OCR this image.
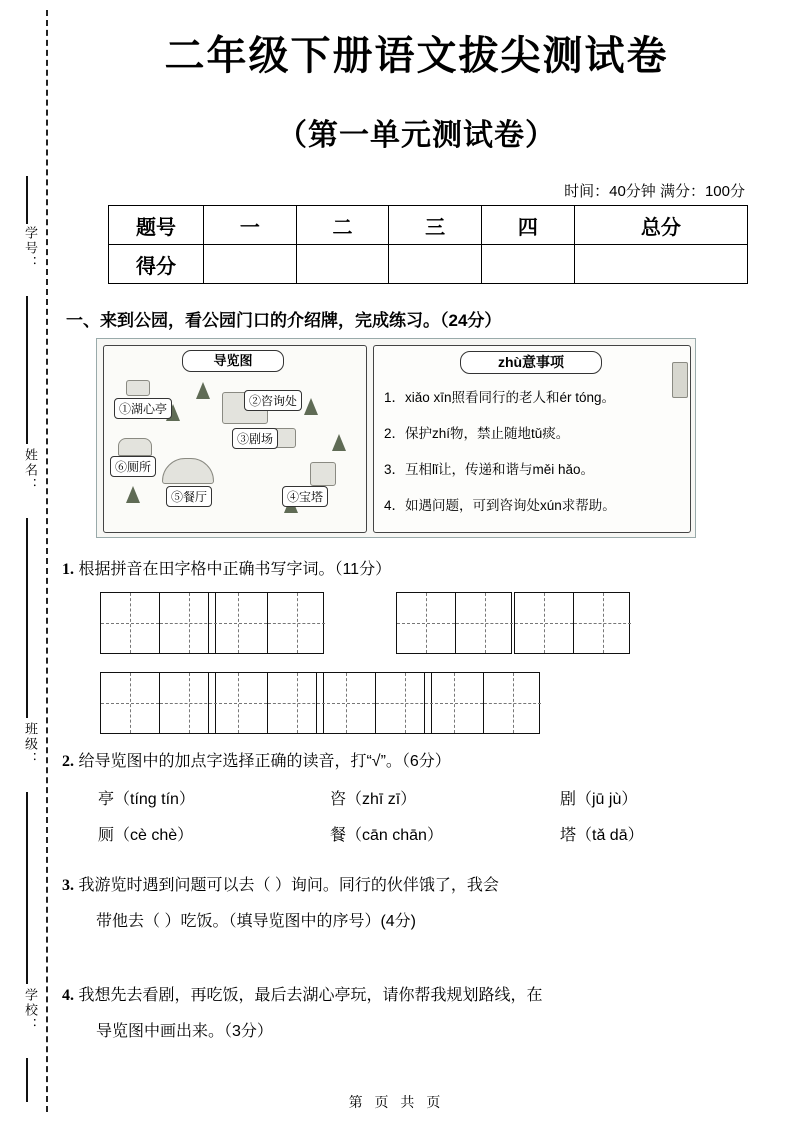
学号：
姓名：
班级：
学校：
二年级下册语文拔尖测试卷
（第一单元测试卷）
时间：40分钟 满分：100分
题号	一	二	三	四	总分
得分					
一、来到公园，看公园门口的介绍牌，完成练习。（24分）
导览图
①湖心亭
②咨询处
③剧场
⑥厕所
⑤餐厅	④宝塔
zhù意事项
1．xiǎo xīn照看同行的老人和ér tóng。
2．保护zhí物，禁止随地tǔ痰。
3．互相lǐ让，传递和谐与měi hǎo。
4．如遇问题，可到咨询处xún求帮助。
1. 根据拼音在田字格中正确书写字词。（11分）
2. 给导览图中的加点字选择正确的读音，打“√”。（6分）
亭（tíng tín）	咨（zhī zī）	剧（jū jù）
厕（cè chè）	餐（cān chān）	塔（tǎ dā）
3. 我游览时遇到问题可以去（ ）询问。同行的伙伴饿了，我会
带他去（ ）吃饭。（填导览图中的序号）(4分)
4. 我想先去看剧，再吃饭，最后去湖心亭玩，请你帮我规划路线，在
导览图中画出来。（3分）
第 页 共 页
